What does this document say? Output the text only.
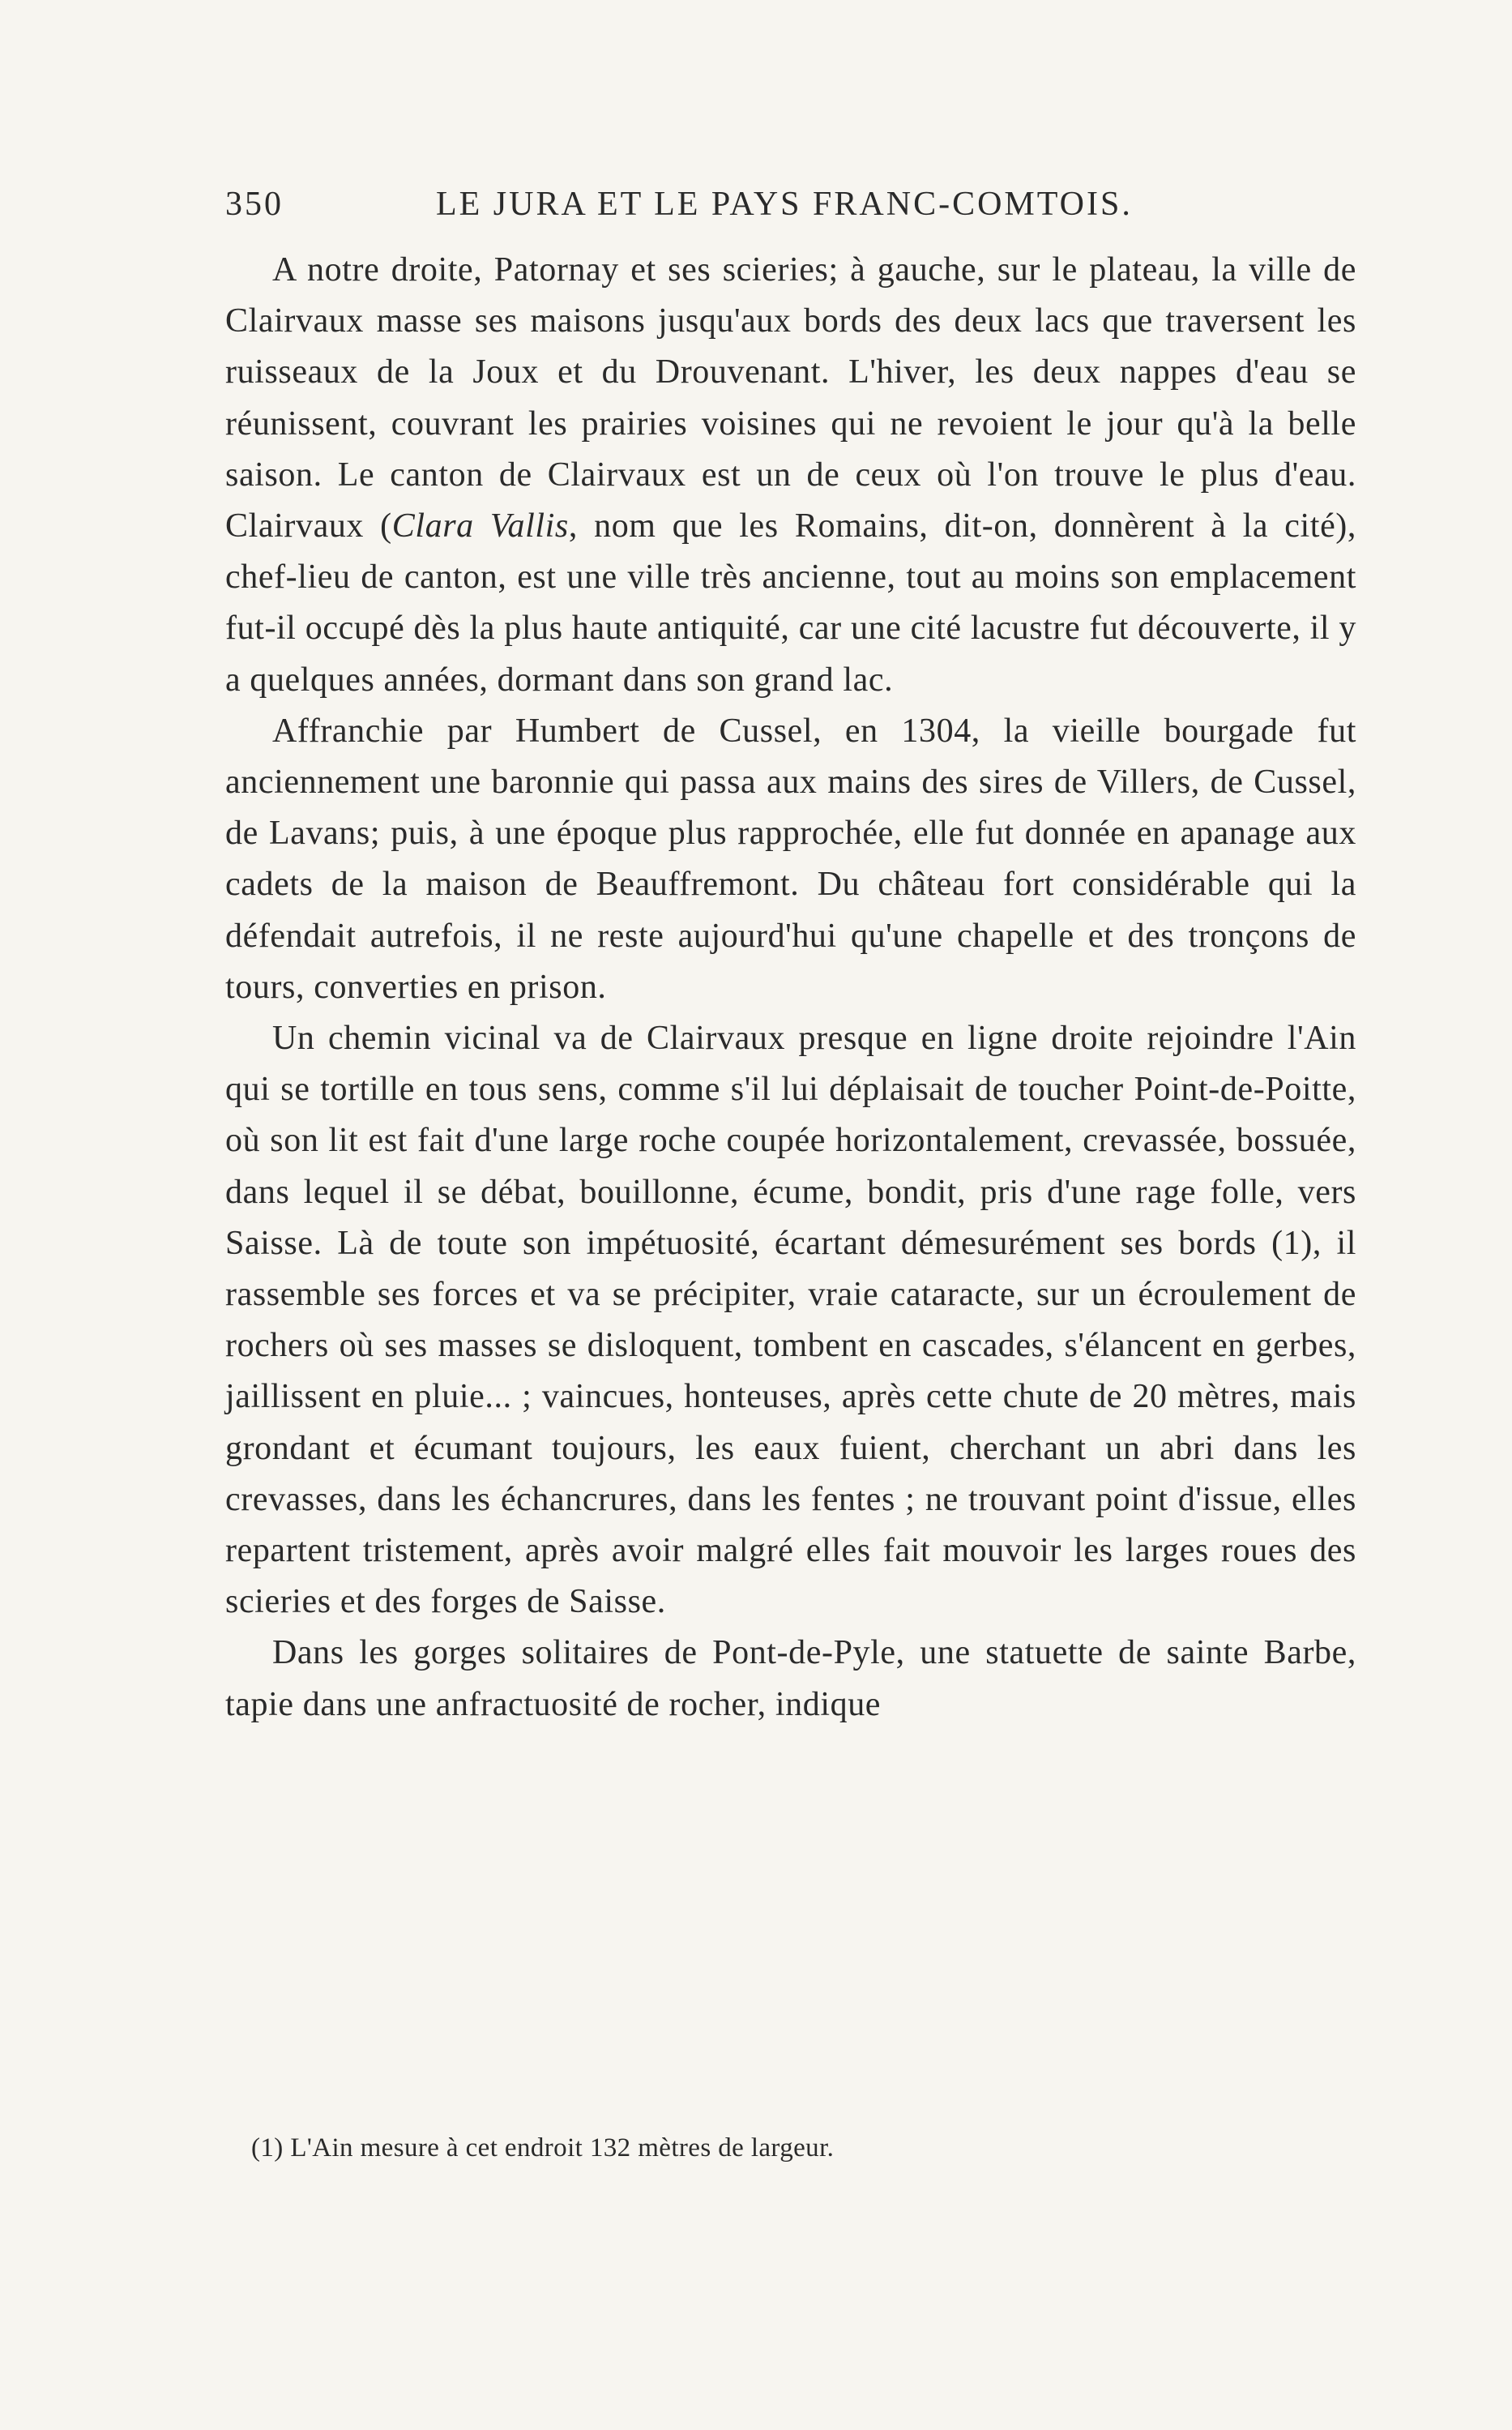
350	LE JURA ET LE PAYS FRANC-COMTOIS.

A notre droite, Patornay et ses scieries; à gauche, sur le plateau, la ville de Clairvaux masse ses maisons jusqu'aux bords des deux lacs que traversent les ruisseaux de la Joux et du Drouvenant. L'hiver, les deux nappes d'eau se réunissent, couvrant les prairies voisines qui ne revoient le jour qu'à la belle saison. Le canton de Clairvaux est un de ceux où l'on trouve le plus d'eau. Clairvaux (Clara Vallis, nom que les Romains, dit-on, donnèrent à la cité), chef-lieu de canton, est une ville très ancienne, tout au moins son emplacement fut-il occupé dès la plus haute antiquité, car une cité lacustre fut découverte, il y a quelques années, dormant dans son grand lac.

Affranchie par Humbert de Cussel, en 1304, la vieille bourgade fut anciennement une baronnie qui passa aux mains des sires de Villers, de Cussel, de Lavans; puis, à une époque plus rapprochée, elle fut donnée en apanage aux cadets de la maison de Beauffremont. Du château fort considérable qui la défendait autrefois, il ne reste aujourd'hui qu'une chapelle et des tronçons de tours, converties en prison.

Un chemin vicinal va de Clairvaux presque en ligne droite rejoindre l'Ain qui se tortille en tous sens, comme s'il lui déplaisait de toucher Point-de-Poitte, où son lit est fait d'une large roche coupée horizontalement, crevassée, bossuée, dans lequel il se débat, bouillonne, écume, bondit, pris d'une rage folle, vers Saisse. Là de toute son impétuosité, écartant démesurément ses bords (1), il rassemble ses forces et va se précipiter, vraie cataracte, sur un écroulement de rochers où ses masses se disloquent, tombent en cascades, s'élancent en gerbes, jaillissent en pluie... ; vaincues, honteuses, après cette chute de 20 mètres, mais grondant et écumant toujours, les eaux fuient, cherchant un abri dans les crevasses, dans les échancrures, dans les fentes ; ne trouvant point d'issue, elles repartent tristement, après avoir malgré elles fait mouvoir les larges roues des scieries et des forges de Saisse.

Dans les gorges solitaires de Pont-de-Pyle, une statuette de sainte Barbe, tapie dans une anfractuosité de rocher, indique

(1) L'Ain mesure à cet endroit 132 mètres de largeur.
